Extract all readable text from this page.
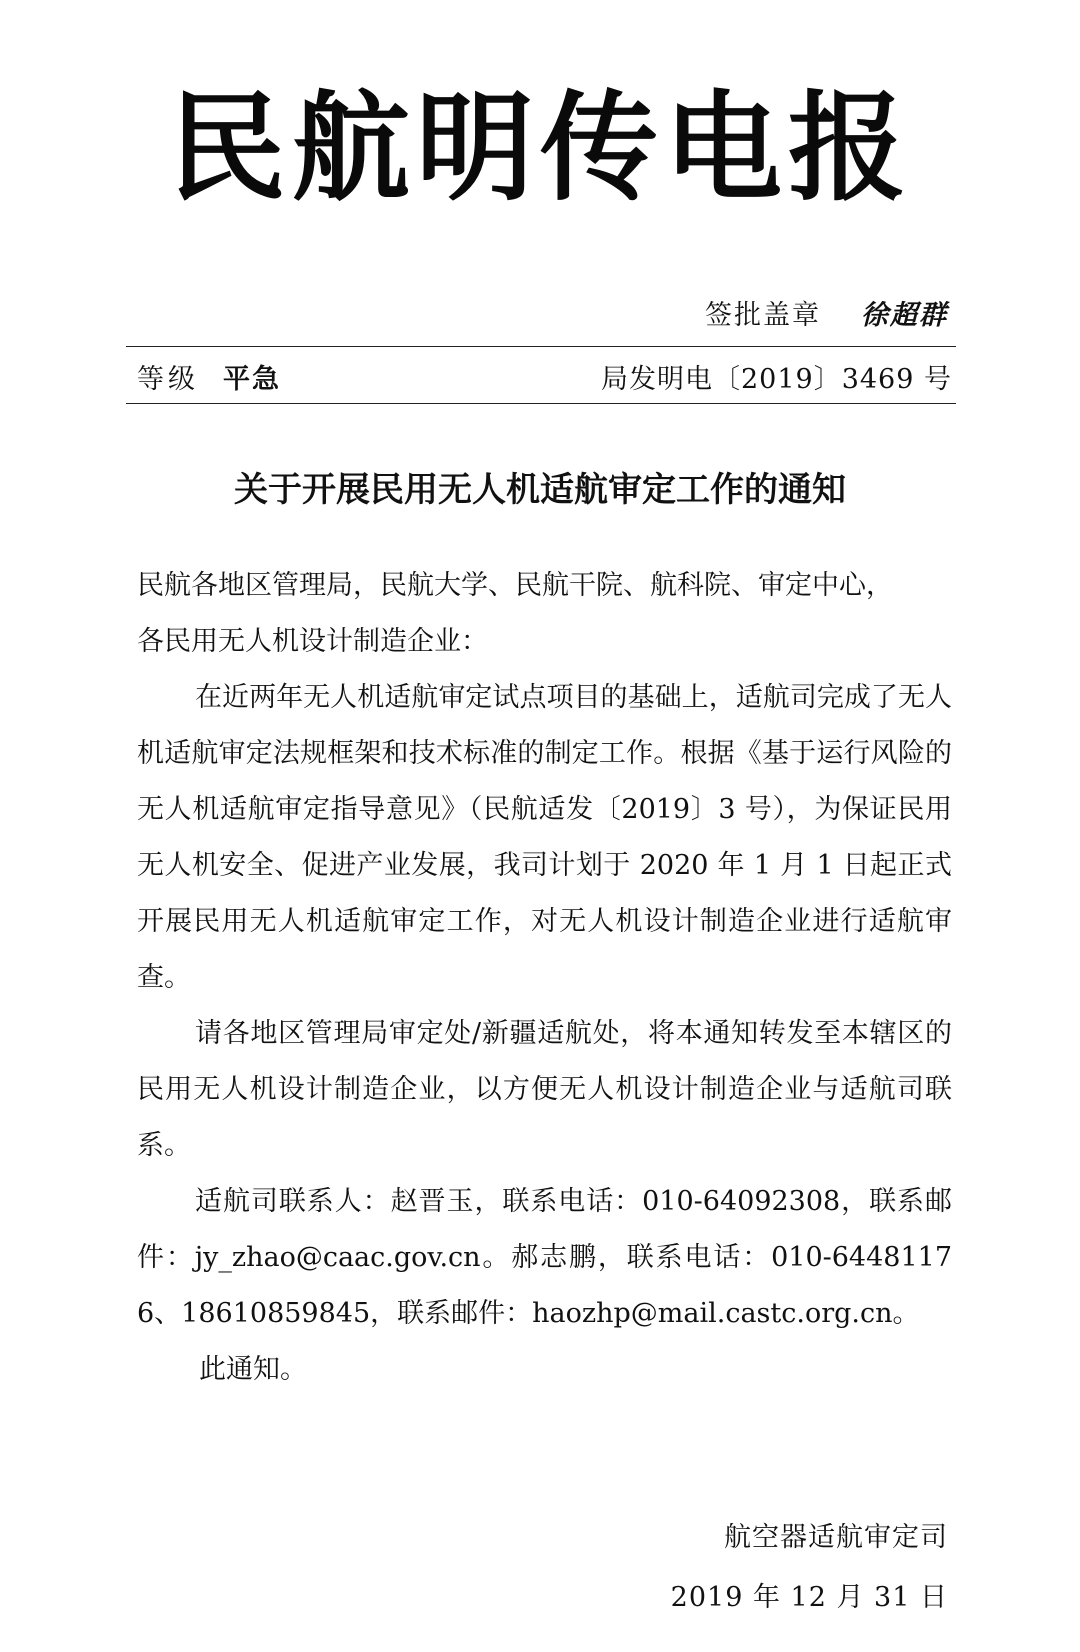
民航明传电报
签批盖章 徐超群
等级 平急	局发明电〔2019〕3469 号
关于开展民用无人机适航审定工作的通知

民航各地区管理局，民航大学、民航干院、航科院、审定中心，

各民用无人机设计制造企业：

在近两年无人机适航审定试点项目的基础上，适航司完成了无人机适航审定法规框架和技术标准的制定工作。根据《基于运行风险的无人机适航审定指导意见》（民航适发〔2019〕3 号），为保证民用无人机安全、促进产业发展，我司计划于 2020 年 1 月 1 日起正式开展民用无人机适航审定工作，对无人机设计制造企业进行适航审查。

请各地区管理局审定处/新疆适航处，将本通知转发至本辖区的民用无人机设计制造企业，以方便无人机设计制造企业与适航司联系。

适航司联系人：赵晋玉，联系电话：010-64092308，联系邮件：jy_zhao@caac.gov.cn。郝志鹏，联系电话：010-64481176、18610859845，联系邮件：haozhp@mail.castc.org.cn。

此通知。

航空器适航审定司
2019 年 12 月 31 日
